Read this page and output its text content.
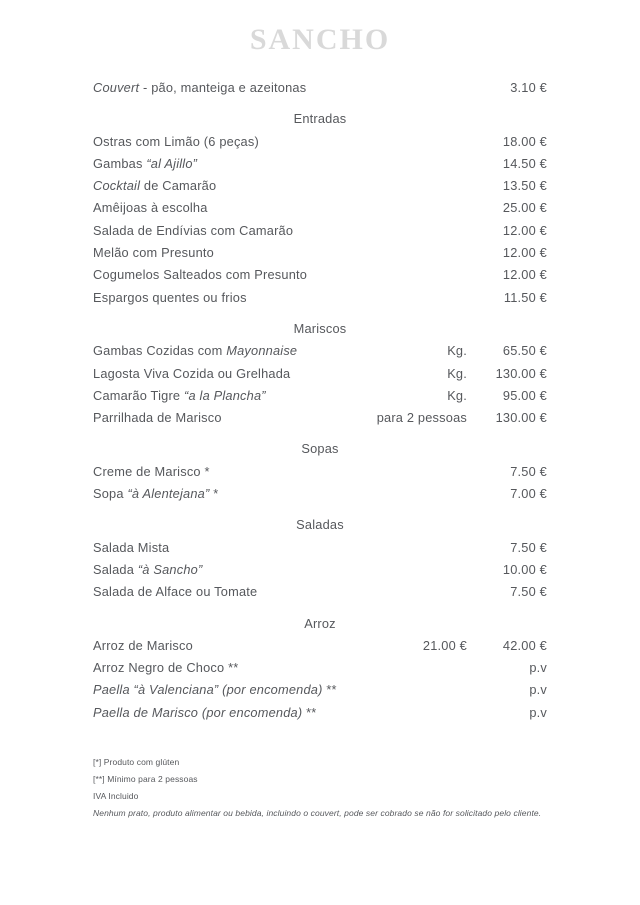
SANCHO
Couvert - pão, manteiga e azeitonas	3.10 €
Entradas
Ostras com Limão (6 peças)	18.00 €
Gambas “al Ajillo”	14.50 €
Cocktail de Camarão	13.50 €
Amêijoas à escolha	25.00 €
Salada de Endívias com Camarão	12.00 €
Melão com Presunto	12.00 €
Cogumelos Salteados com Presunto	12.00 €
Espargos quentes ou frios	11.50 €
Mariscos
Gambas Cozidas com Mayonnaise	Kg.	65.50 €
Lagosta Viva Cozida ou Grelhada	Kg.	130.00 €
Camarão Tigre “a la Plancha”	Kg.	95.00 €
Parrilhada de Marisco	para 2 pessoas	130.00 €
Sopas
Creme de Marisco *	7.50 €
Sopa “à Alentejana” *	7.00 €
Saladas
Salada Mista	7.50 €
Salada “à Sancho”	10.00 €
Salada de Alface ou Tomate	7.50 €
Arroz
Arroz de Marisco	21.00 €	42.00 €
Arroz Negro de Choco **	p.v
Paella “à Valenciana” (por encomenda) **	p.v
Paella de Marisco (por encomenda) **	p.v
[*] Produto com glúten
[**] Mínimo para 2 pessoas
IVA Incluido
Nenhum prato, produto alimentar ou bebida, incluindo o couvert, pode ser cobrado se não for solicitado pelo cliente.
